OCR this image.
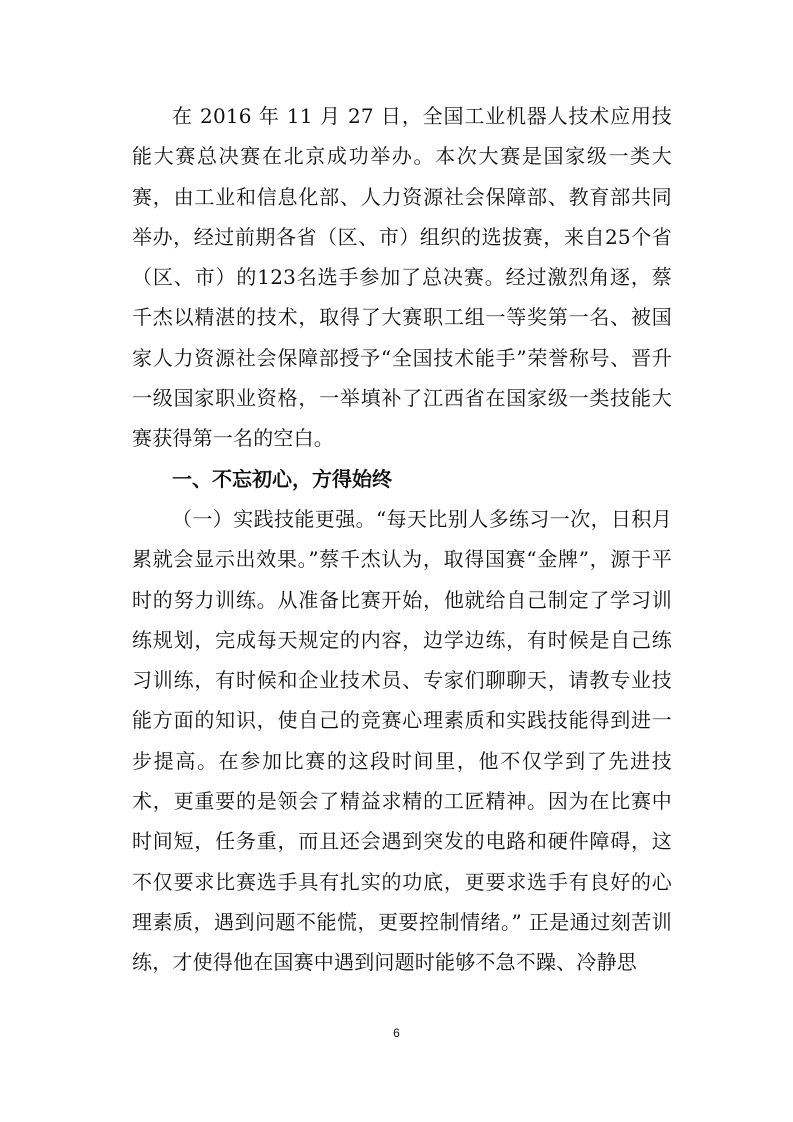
在 2016 年 11 月 27 日，全国工业机器人技术应用技能大赛总决赛在北京成功举办。本次大赛是国家级一类大赛，由工业和信息化部、人力资源社会保障部、教育部共同举办，经过前期各省（区、市）组织的选拔赛，来自25个省（区、市）的123名选手参加了总决赛。经过激烈角逐，蔡千杰以精湛的技术，取得了大赛职工组一等奖第一名、被国家人力资源社会保障部授予“全国技术能手”荣誉称号、晋升一级国家职业资格，一举填补了江西省在国家级一类技能大赛获得第一名的空白。

一、不忘初心，方得始终

（一）实践技能更强。“每天比别人多练习一次，日积月累就会显示出效果。”蔡千杰认为，取得国赛“金牌”，源于平时的努力训练。从准备比赛开始，他就给自己制定了学习训练规划，完成每天规定的内容，边学边练，有时候是自己练习训练，有时候和企业技术员、专家们聊聊天，请教专业技能方面的知识，使自己的竞赛心理素质和实践技能得到进一步提高。在参加比赛的这段时间里，他不仅学到了先进技术，更重要的是领会了精益求精的工匠精神。因为在比赛中时间短，任务重，而且还会遇到突发的电路和硬件障碍，这不仅要求比赛选手具有扎实的功底，更要求选手有良好的心理素质，遇到问题不能慌，更要控制情绪。” 正是通过刻苦训练，才使得他在国赛中遇到问题时能够不急不躁、冷静思

6
